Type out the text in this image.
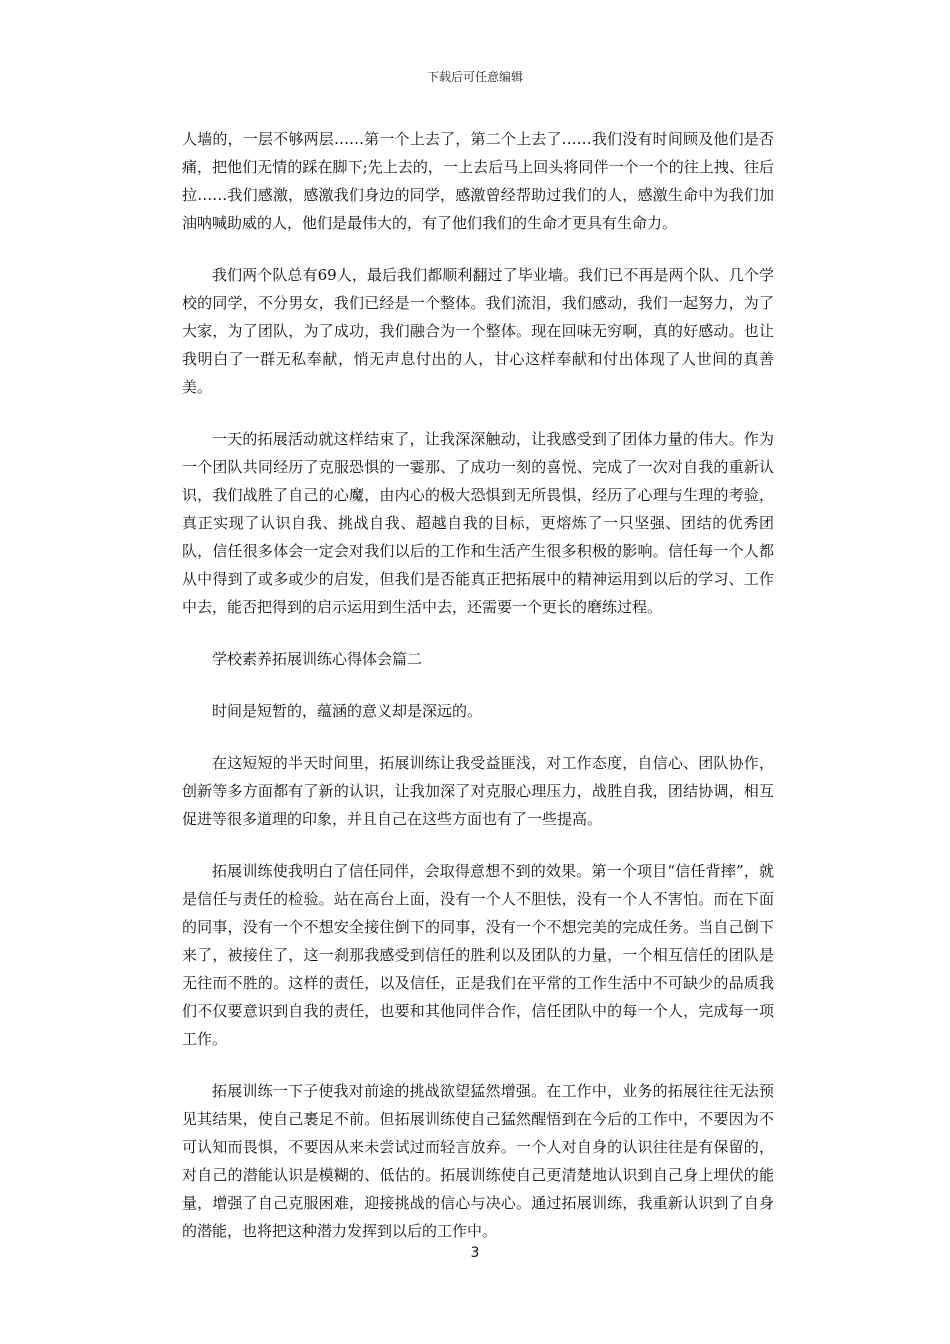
下载后可任意编辑

人墙的，一层不够两层……第一个上去了，第二个上去了……我们没有时间顾及他们是否痛，把他们无情的踩在脚下;先上去的，一上去后马上回头将同伴一个一个的往上拽、往后拉……我们感激，感激我们身边的同学，感激曾经帮助过我们的人，感激生命中为我们加油呐喊助威的人，他们是最伟大的，有了他们我们的生命才更具有生命力。

我们两个队总有69人，最后我们都顺利翻过了毕业墙。我们已不再是两个队、几个学校的同学，不分男女，我们已经是一个整体。我们流泪，我们感动，我们一起努力，为了大家，为了团队，为了成功，我们融合为一个整体。现在回味无穷啊，真的好感动。也让我明白了一群无私奉献，悄无声息付出的人，甘心这样奉献和付出体现了人世间的真善美。

一天的拓展活动就这样结束了，让我深深触动，让我感受到了团体力量的伟大。作为一个团队共同经历了克服恐惧的一霎那、了成功一刻的喜悦、完成了一次对自我的重新认识，我们战胜了自己的心魔，由内心的极大恐惧到无所畏惧，经历了心理与生理的考验，真正实现了认识自我、挑战自我、超越自我的目标，更熔炼了一只坚强、团结的优秀团队，信任很多体会一定会对我们以后的工作和生活产生很多积极的影响。信任每一个人都从中得到了或多或少的启发，但我们是否能真正把拓展中的精神运用到以后的学习、工作中去，能否把得到的启示运用到生活中去，还需要一个更长的磨练过程。

学校素养拓展训练心得体会篇二

时间是短暂的，蕴涵的意义却是深远的。

在这短短的半天时间里，拓展训练让我受益匪浅，对工作态度，自信心、团队协作，创新等多方面都有了新的认识，让我加深了对克服心理压力，战胜自我，团结协调，相互促进等很多道理的印象，并且自己在这些方面也有了一些提高。

拓展训练使我明白了信任同伴，会取得意想不到的效果。第一个项目“信任背摔”，就是信任与责任的检验。站在高台上面，没有一个人不胆怯，没有一个人不害怕。而在下面的同事，没有一个不想安全接住倒下的同事，没有一个不想完美的完成任务。当自己倒下来了，被接住了，这一刹那我感受到信任的胜利以及团队的力量，一个相互信任的团队是无往而不胜的。这样的责任，以及信任，正是我们在平常的工作生活中不可缺少的品质我们不仅要意识到自我的责任，也要和其他同伴合作，信任团队中的每一个人，完成每一项工作。

拓展训练一下子使我对前途的挑战欲望猛然增强。在工作中，业务的拓展往往无法预见其结果，使自己裹足不前。但拓展训练使自己猛然醒悟到在今后的工作中，不要因为不可认知而畏惧，不要因从来未尝试过而轻言放弃。一个人对自身的认识往往是有保留的，对自己的潜能认识是模糊的、低估的。拓展训练使自己更清楚地认识到自己身上埋伏的能量，增强了自己克服困难，迎接挑战的信心与决心。通过拓展训练，我重新认识到了自身的潜能，也将把这种潜力发挥到以后的工作中。

3
